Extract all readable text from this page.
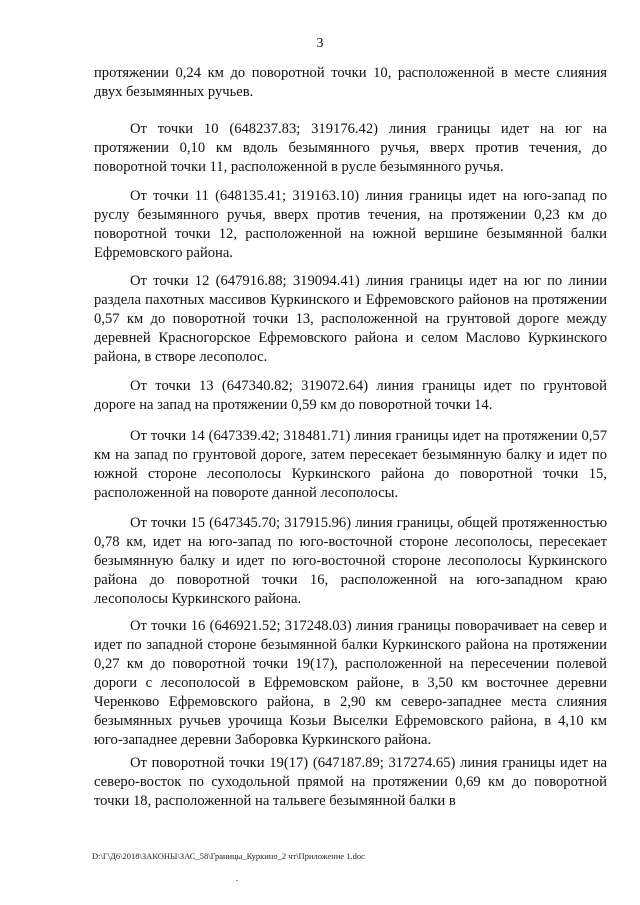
3

протяжении 0,24 км до поворотной точки 10, расположенной в месте слияния двух безымянных ручьев.

От точки 10 (648237.83; 319176.42) линия границы идет на юг на протяжении 0,10 км вдоль безымянного ручья, вверх против течения, до поворотной точки 11, расположенной в русле безымянного ручья.

От точки 11 (648135.41; 319163.10) линия границы идет на юго-запад по руслу безымянного ручья, вверх против течения, на протяжении 0,23 км до поворотной точки 12, расположенной на южной вершине безымянной балки Ефремовского района.

От точки 12 (647916.88; 319094.41) линия границы идет на юг по линии раздела пахотных массивов Куркинского и Ефремовского районов на протяжении 0,57 км до поворотной точки 13, расположенной на грунтовой дороге между деревней Красногорское Ефремовского района и селом Маслово Куркинского района, в створе лесополос.

От точки 13 (647340.82; 319072.64) линия границы идет по грунтовой дороге на запад на протяжении 0,59 км до поворотной точки 14.

От точки 14 (647339.42; 318481.71) линия границы идет на протяжении 0,57 км на запад по грунтовой дороге, затем пересекает безымянную балку и идет по южной стороне лесополосы Куркинского района до поворотной точки 15, расположенной на повороте данной лесополосы.

От точки 15 (647345.70; 317915.96) линия границы, общей протяженностью 0,78 км, идет на юго-запад по юго-восточной стороне лесополосы, пересекает безымянную балку и идет по юго-восточной стороне лесополосы Куркинского района до поворотной точки 16, расположенной на юго-западном краю лесополосы Куркинского района.

От точки 16 (646921.52; 317248.03) линия границы поворачивает на север и идет по западной стороне безымянной балки Куркинского района на протяжении 0,27 км до поворотной точки 19(17), расположенной на пересечении полевой дороги с лесополосой в Ефремовском районе, в 3,50 км восточнее деревни Черенково Ефремовского района, в 2,90 км северо-западнее места слияния безымянных ручьев урочища Козьи Выселки Ефремовского района, в 4,10 км юго-западнее деревни Заборовка Куркинского района.

От поворотной точки 19(17) (647187.89; 317274.65) линия границы идет на северо-восток по суходольной прямой на протяжении 0,69 км до поворотной точки 18, расположенной на тальвеге безымянной балки в

D:\Г\Д6\2018\ЗАКОНЫ\ЗАС_58\Границы_Куркино_2 чт\Приложение 1.doc
